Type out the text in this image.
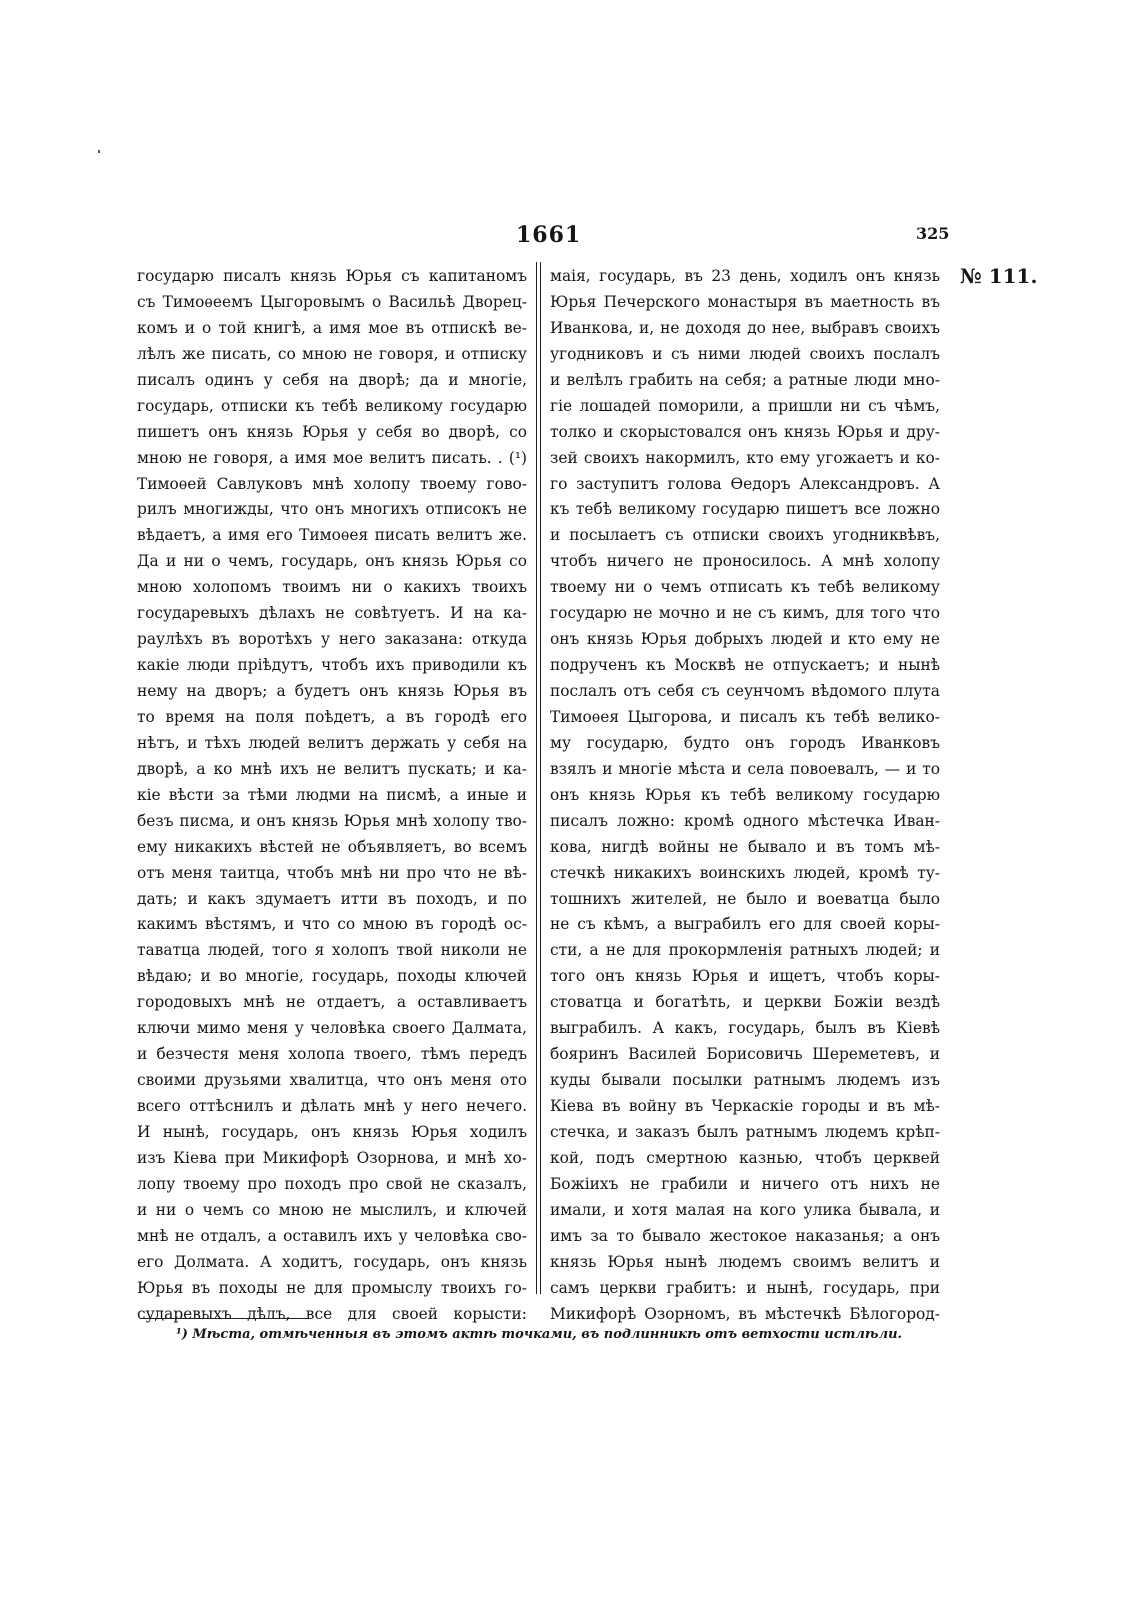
1661	325
№ 111.
государю писалъ князь Юрья съ капитаномъ
съ Тимоѳеемъ Цыгоровымъ о Васильѣ Дворец-
комъ и о той книгѣ, а имя мое въ отпискѣ ве-
лѣлъ же писать, со мною не говоря, и отписку
писалъ одинъ у себя на дворѣ; да и многіе,
государь, отписки къ тебѣ великому государю
пишетъ онъ князь Юрья у себя во дворѣ, со
мною не говоря, а имя мое велитъ писать. . (¹)
Тимоѳей Савлуковъ мнѣ холопу твоему гово-
рилъ многижды, что онъ многихъ отписокъ не
вѣдаетъ, а имя его Тимоѳея писать велитъ же.
Да и ни о чемъ, государь, онъ князь Юрья со
мною холопомъ твоимъ ни о какихъ твоихъ
государевыхъ дѣлахъ не совѣтуетъ. И на ка-
раулѣхъ въ воротѣхъ у него заказана: откуда
какіе люди пріѣдутъ, чтобъ ихъ приводили къ
нему на дворъ; а будетъ онъ князь Юрья въ
то время на поля поѣдетъ, а въ городѣ его
нѣтъ, и тѣхъ людей велитъ держать у себя на
дворѣ, а ко мнѣ ихъ не велитъ пускать; и ка-
кіе вѣсти за тѣми людми на писмѣ, а иные и
безъ писма, и онъ князь Юрья мнѣ холопу тво-
ему никакихъ вѣстей не объявляетъ, во всемъ
отъ меня таитца, чтобъ мнѣ ни про что не вѣ-
дать; и какъ здумаетъ итти въ походъ, и по
какимъ вѣстямъ, и что со мною въ городѣ ос-
таватца людей, того я холопъ твой николи не
вѣдаю; и во многіе, государь, походы ключей
городовыхъ мнѣ не отдаетъ, а оставливаетъ
ключи мимо меня у человѣка своего Далмата,
и безчестя меня холопа твоего, тѣмъ передъ
своими друзьями хвалитца, что онъ меня ото
всего оттѣснилъ и дѣлать мнѣ у него нечего.
И нынѣ, государь, онъ князь Юрья ходилъ
изъ Кіева при Микифорѣ Озорнова, и мнѣ хо-
лопу твоему про походъ про свой не сказалъ,
и ни о чемъ со мною не мыслилъ, и ключей
мнѣ не отдалъ, а оставилъ ихъ у человѣка сво-
его Долмата. А ходитъ, государь, онъ князь
Юрья въ походы не для промыслу твоихъ го-
сударевыхъ дѣлъ, все для своей корысти:
маія, государь, въ 23 день, ходилъ онъ князь
Юрья Печерского монастыря въ маетность въ
Иванкова, и, не доходя до нее, выбравъ своихъ
угодниковъ и съ ними людей своихъ послалъ
и велѣлъ грабить на себя; а ратные люди мно-
гіе лошадей поморили, а пришли ни съ чѣмъ,
толко и скорыстовался онъ князь Юрья и дру-
зей своихъ накормилъ, кто ему угожаетъ и ко-
го заступитъ голова Ѳедоръ Александровъ. А
къ тебѣ великому государю пишетъ все ложно
и посылаетъ съ отписки своихъ угодниквѣвъ,
чтобъ ничего не проносилось. А мнѣ холопу
твоему ни о чемъ отписать къ тебѣ великому
государю не мочно и не съ кимъ, для того что
онъ князь Юрья добрыхъ людей и кто ему не
подрученъ къ Москвѣ не отпускаетъ; и нынѣ
послалъ отъ себя съ сеунчомъ вѣдомого плута
Тимоѳея Цыгорова, и писалъ къ тебѣ велико-
му государю, будто онъ городъ Иванковъ
взялъ и многіе мѣста и села повоевалъ, — и то
онъ князь Юрья къ тебѣ великому государю
писалъ ложно: кромѣ одного мѣстечка Иван-
кова, нигдѣ войны не бывало и въ томъ мѣ-
стечкѣ никакихъ воинскихъ людей, кромѣ ту-
тошнихъ жителей, не было и воеватца было
не съ кѣмъ, а выграбилъ его для своей коры-
сти, а не для прокормленія ратныхъ людей; и
того онъ князь Юрья и ищетъ, чтобъ коры-
стоватца и богатѣть, и церкви Божіи вездѣ
выграбилъ. А какъ, государь, былъ въ Кіевѣ
бояринъ Василей Борисовичь Шереметевъ, и
куды бывали посылки ратнымъ людемъ изъ
Кіева въ войну въ Черкаскіе городы и въ мѣ-
стечка, и заказъ былъ ратнымъ людемъ крѣп-
кой, подъ смертною казнью, чтобъ церквей
Божіихъ не грабили и ничего отъ нихъ не
имали, и хотя малая на кого улика бывала, и
имъ за то бывало жестокое наказанья; а онъ
князь Юрья нынѣ людемъ своимъ велитъ и
самъ церкви грабитъ: и нынѣ, государь, при
Микифорѣ Озорномъ, въ мѣстечкѣ Бѣлогород-
¹) Мѣста, отмѣченныя въ этомъ актѣ точками, въ подлинникѣ отъ ветхости истлѣли.
